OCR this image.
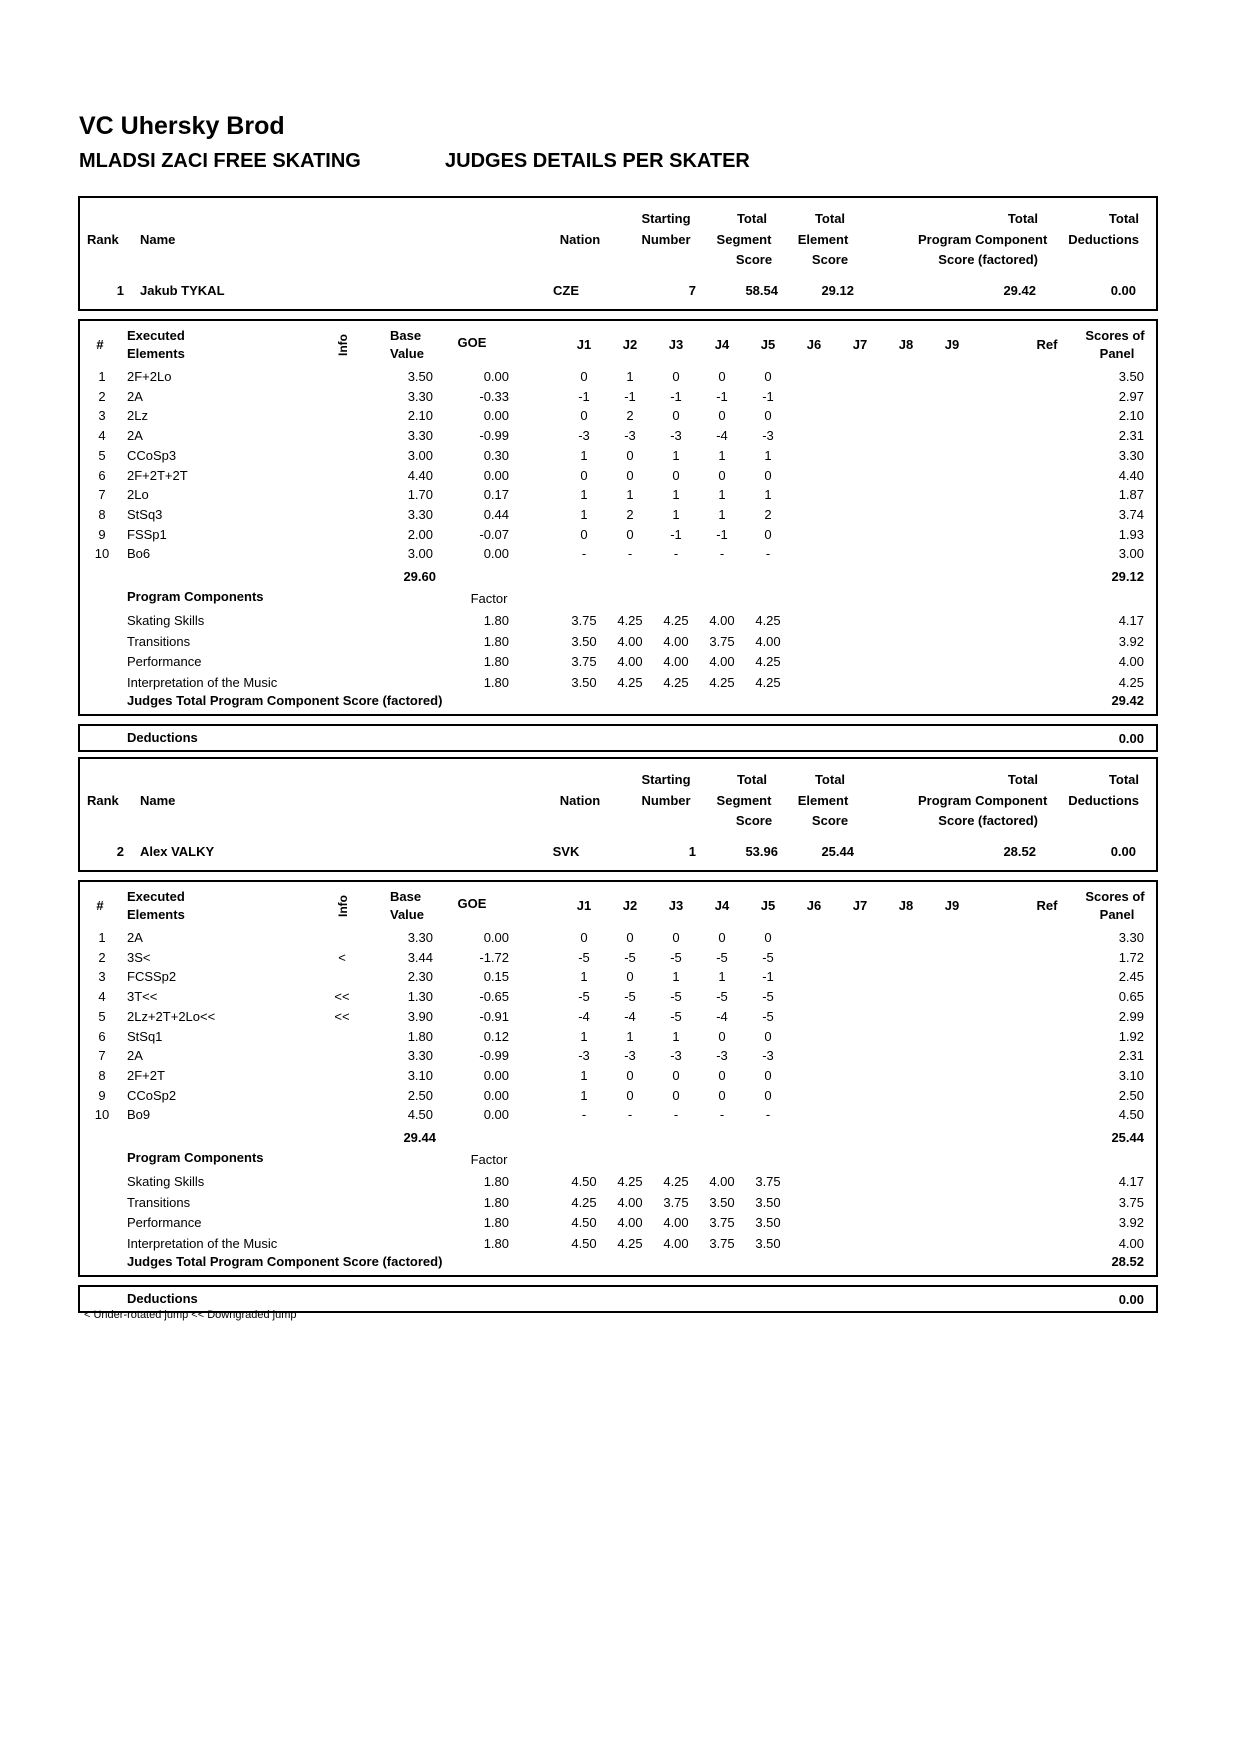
VC Uhersky Brod
MLADSI ZACI FREE SKATING	JUDGES DETAILS PER SKATER
Rank Name	Nation
Starting
Number
Total
Segment
Score
Total
Element
Score
Total
Program Component
Score (factored)
Total
Deductions
1 Jakub TYKAL	CZE	7	58.54	29.12	29.42	0.00
#
Executed
Elements	Info	Base
Value
GOE	J1	J2	J3	J4	J5	J6	J7	J8	J9	Ref
Scores of
Panel
1	2F+2Lo	3.50	0.00	0	1	0	0	0	3.50
2	2A	3.30	-0.33	-1	-1	-1	-1	-1	2.97
3	2Lz	2.10	0.00	0	2	0	0	0	2.10
4	2A	3.30	-0.99	-3	-3	-3	-4	-3	2.31
5	CCoSp3	3.00	0.30	1	0	1	1	1	3.30
6	2F+2T+2T	4.40	0.00	0	0	0	0	0	4.40
7	2Lo	1.70	0.17	1	1	1	1	1	1.87
8	StSq3	3.30	0.44	1	2	1	1	2	3.74
9	FSSp1	2.00	-0.07	0	0	-1	-1	0	1.93
10	Bo6	3.00	0.00	-	-	-	-	-	3.00
29.60	29.12
Program Components	Factor
Skating Skills	1.80	3.75	4.25	4.25	4.00	4.25	4.17
Transitions	1.80	3.50	4.00	4.00	3.75	4.00	3.92
Performance	1.80	3.75	4.00	4.00	4.00	4.25	4.00
Interpretation of the Music	1.80	3.50	4.25	4.25	4.25	4.25	4.25
Judges Total Program Component Score (factored)	29.42
Deductions	0.00
Rank Name	Nation
Starting
Number
Total
Segment
Score
Total
Element
Score
Total
Program Component
Score (factored)
Total
Deductions
2 Alex VALKY	SVK	1	53.96	25.44	28.52	0.00
#
Executed
Elements	Info	Base
Value
GOE	J1	J2	J3	J4	J5	J6	J7	J8	J9	Ref
Scores of
Panel
1	2A	3.30	0.00	0	0	0	0	0	3.30
2	3S<	<	3.44	-1.72	-5	-5	-5	-5	-5	1.72
3	FCSSp2	2.30	0.15	1	0	1	1	-1	2.45
4	3T<<	<<	1.30	-0.65	-5	-5	-5	-5	-5	0.65
5	2Lz+2T+2Lo<<	<<	3.90	-0.91	-4	-4	-5	-4	-5	2.99
6	StSq1	1.80	0.12	1	1	1	0	0	1.92
7	2A	3.30	-0.99	-3	-3	-3	-3	-3	2.31
8	2F+2T	3.10	0.00	1	0	0	0	0	3.10
9	CCoSp2	2.50	0.00	1	0	0	0	0	2.50
10	Bo9	4.50	0.00	-	-	-	-	-	4.50
29.44	25.44
Program Components	Factor
Skating Skills	1.80	4.50	4.25	4.25	4.00	3.75	4.17
Transitions	1.80	4.25	4.00	3.75	3.50	3.50	3.75
Performance	1.80	4.50	4.00	4.00	3.75	3.50	3.92
Interpretation of the Music	1.80	4.50	4.25	4.00	3.75	3.50	4.00
Judges Total Program Component Score (factored)	28.52
Deductions	0.00
< Under-rotated jump << Downgraded jump
